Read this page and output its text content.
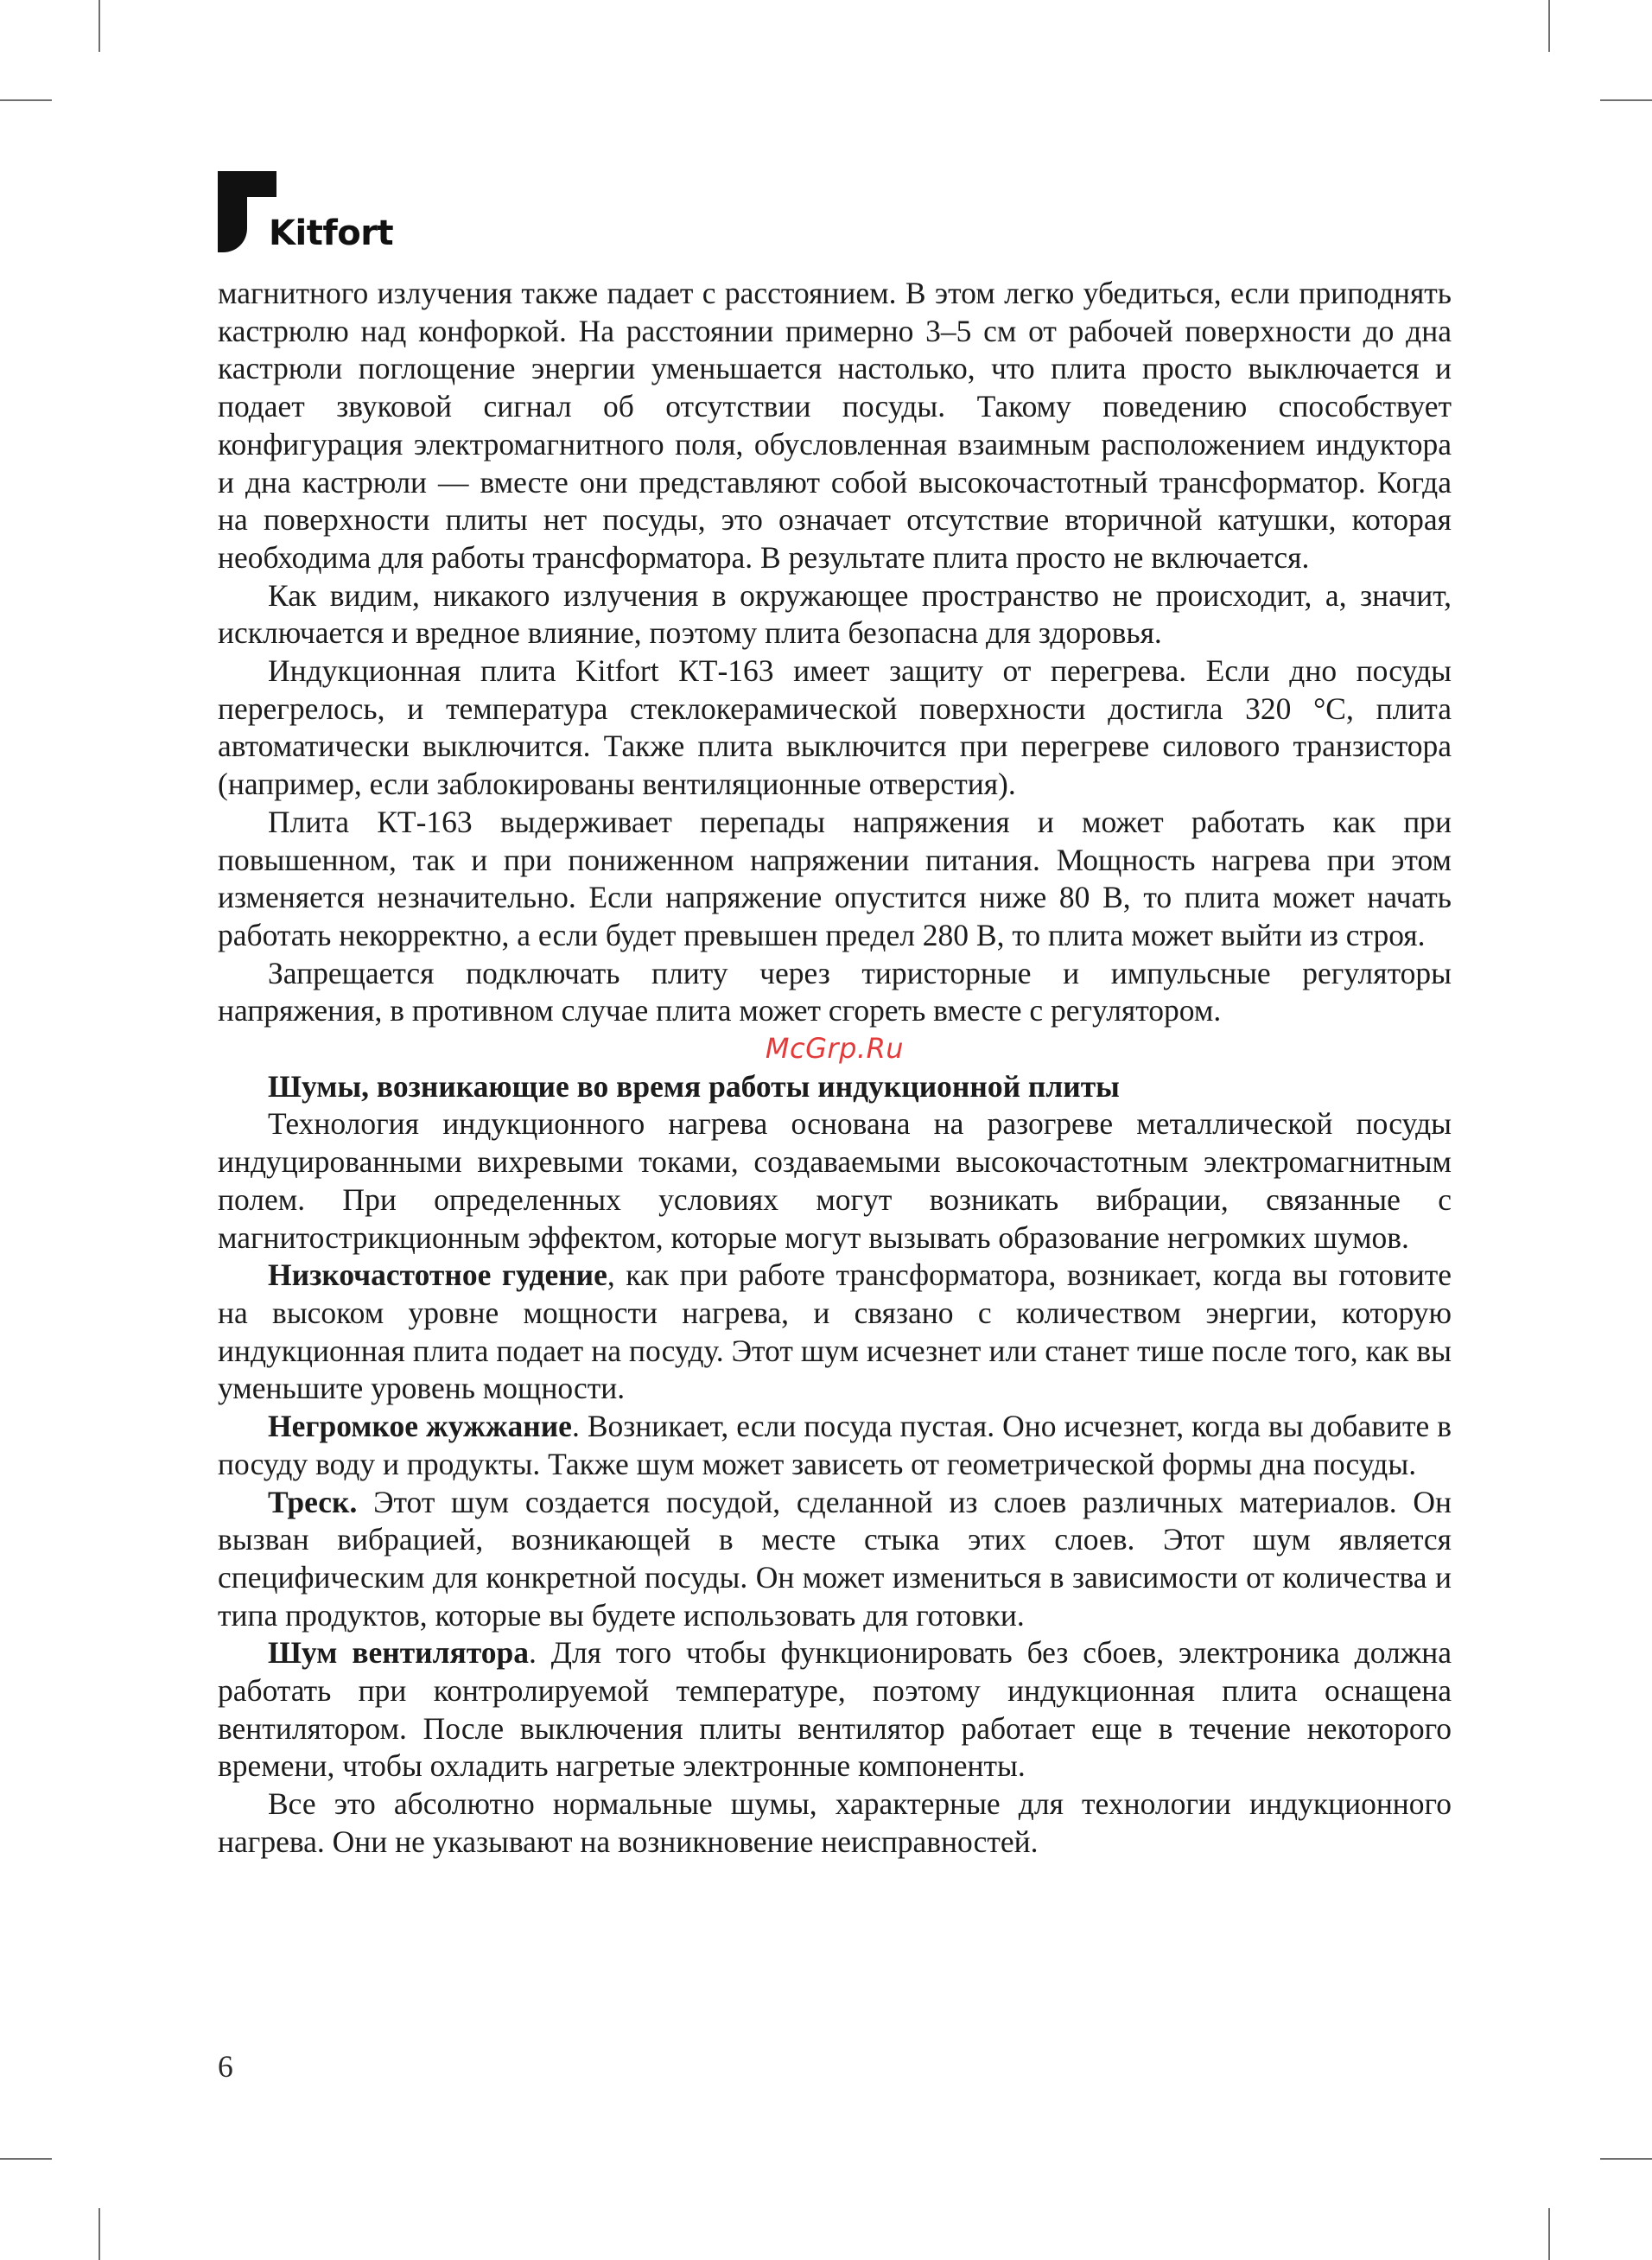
Kitfort

магнитного излучения также падает с расстоянием. В этом легко убедиться, если приподнять кастрюлю над конфоркой. На расстоянии примерно 3–5 см от рабочей поверхности до дна кастрюли поглощение энергии уменьшается настолько, что плита просто выключается и подает звуковой сигнал об отсутствии посуды. Такому поведению способствует конфигурация электромагнитного поля, обусловленная взаимным расположением индуктора и дна кастрюли — вместе они представляют собой высокочастотный трансформатор. Когда на поверхности плиты нет посуды, это означает отсутствие вторичной катушки, которая необходима для работы трансформатора. В результате плита просто не включается.

Как видим, никакого излучения в окружающее пространство не происходит, а, значит, исключается и вредное влияние, поэтому плита безопасна для здоровья.

Индукционная плита Kitfort КТ-163 имеет защиту от перегрева. Если дно посуды перегрелось, и температура стеклокерамической поверхности достигла 320 °С, плита автоматически выключится. Также плита выключится при перегреве силового транзистора (например, если заблокированы вентиляционные отверстия).

Плита КТ-163 выдерживает перепады напряжения и может работать как при повышенном, так и при пониженном напряжении питания. Мощность нагрева при этом изменяется незначительно. Если напряжение опустится ниже 80 В, то плита может начать работать некорректно, а если будет превышен предел 280 В, то плита может выйти из строя.

Запрещается подключать плиту через тиристорные и импульсные регуляторы напряжения, в противном случае плита может сгореть вместе с регулятором.

McGrp.Ru

Шумы, возникающие во время работы индукционной плиты

Технология индукционного нагрева основана на разогреве металлической посуды индуцированными вихревыми токами, создаваемыми высокочастотным электромагнитным полем. При определенных условиях могут возникать вибрации, связанные с магнитострикционным эффектом, которые могут вызывать образование негромких шумов.

Низкочастотное гудение, как при работе трансформатора, возникает, когда вы готовите на высоком уровне мощности нагрева, и связано с количеством энергии, которую индукционная плита подает на посуду. Этот шум исчезнет или станет тише после того, как вы уменьшите уровень мощности.

Негромкое жужжание. Возникает, если посуда пустая. Оно исчезнет, когда вы добавите в посуду воду и продукты. Также шум может зависеть от геометрической формы дна посуды.

Треск. Этот шум создается посудой, сделанной из слоев различных материалов. Он вызван вибрацией, возникающей в месте стыка этих слоев. Этот шум является специфическим для конкретной посуды. Он может измениться в зависимости от количества и типа продуктов, которые вы будете использовать для готовки.

Шум вентилятора. Для того чтобы функционировать без сбоев, электроника должна работать при контролируемой температуре, поэтому индукционная плита оснащена вентилятором. После выключения плиты вентилятор работает еще в течение некоторого времени, чтобы охладить нагретые электронные компоненты.

Все это абсолютно нормальные шумы, характерные для технологии индукционного нагрева. Они не указывают на возникновение неисправностей.

6
